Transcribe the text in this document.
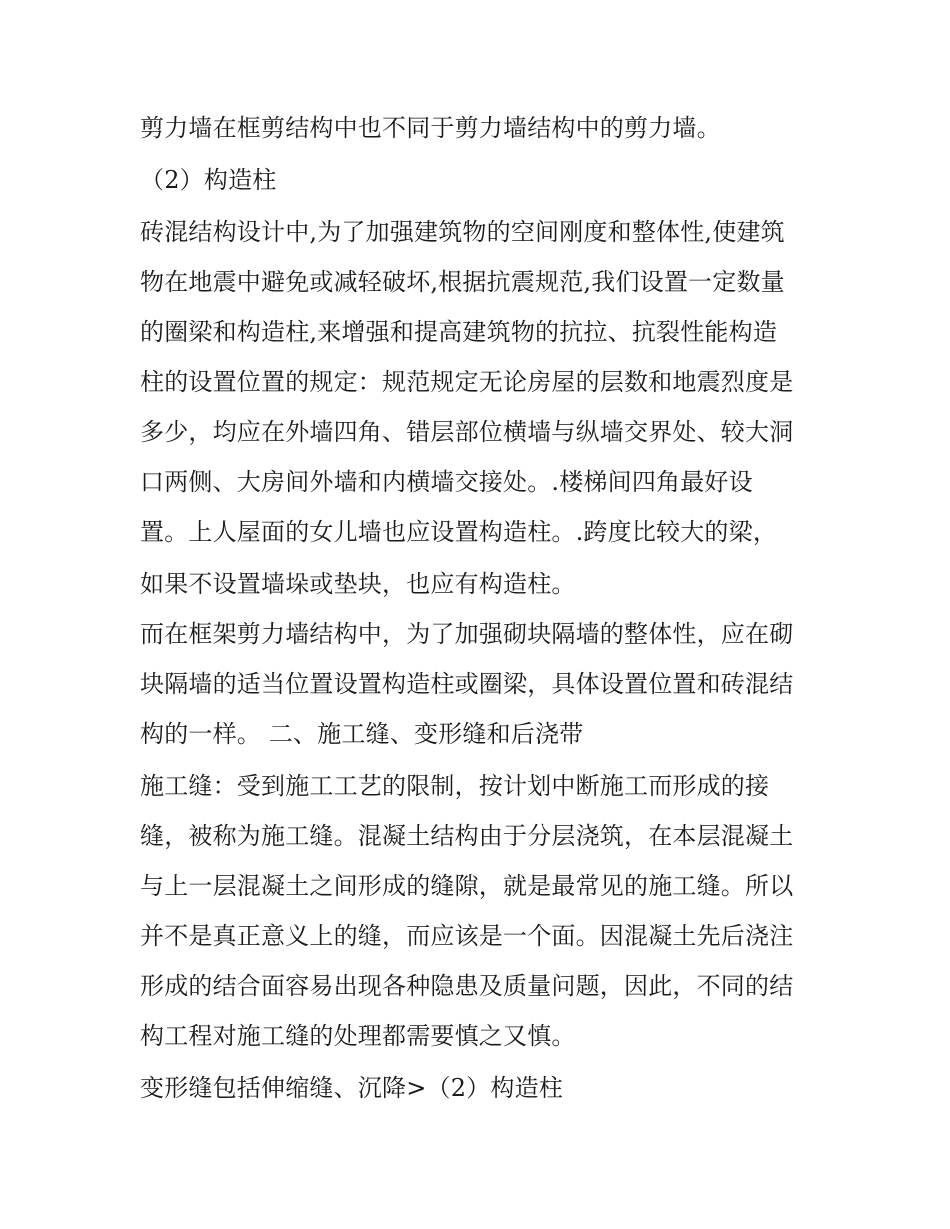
剪力墙在框剪结构中也不同于剪力墙结构中的剪力墙。
（2）构造柱
砖混结构设计中,为了加强建筑物的空间刚度和整体性,使建筑
物在地震中避免或减轻破坏,根据抗震规范,我们设置一定数量
的圈梁和构造柱,来增强和提高建筑物的抗拉、抗裂性能构造
柱的设置位置的规定：规范规定无论房屋的层数和地震烈度是
多少，均应在外墙四角、错层部位横墙与纵墙交界处、较大洞
口两侧、大房间外墙和内横墙交接处。.楼梯间四角最好设
置。上人屋面的女儿墙也应设置构造柱。.跨度比较大的梁，
如果不设置墙垛或垫块，也应有构造柱。
而在框架剪力墙结构中，为了加强砌块隔墙的整体性，应在砌
块隔墙的适当位置设置构造柱或圈梁，具体设置位置和砖混结
构的一样。 二、施工缝、变形缝和后浇带
施工缝：受到施工工艺的限制，按计划中断施工而形成的接
缝，被称为施工缝。混凝土结构由于分层浇筑，在本层混凝土
与上一层混凝土之间形成的缝隙，就是最常见的施工缝。所以
并不是真正意义上的缝，而应该是一个面。因混凝土先后浇注
形成的结合面容易出现各种隐患及质量问题，因此，不同的结
构工程对施工缝的处理都需要慎之又慎。
变形缝包括伸缩缝、沉降>（2）构造柱
